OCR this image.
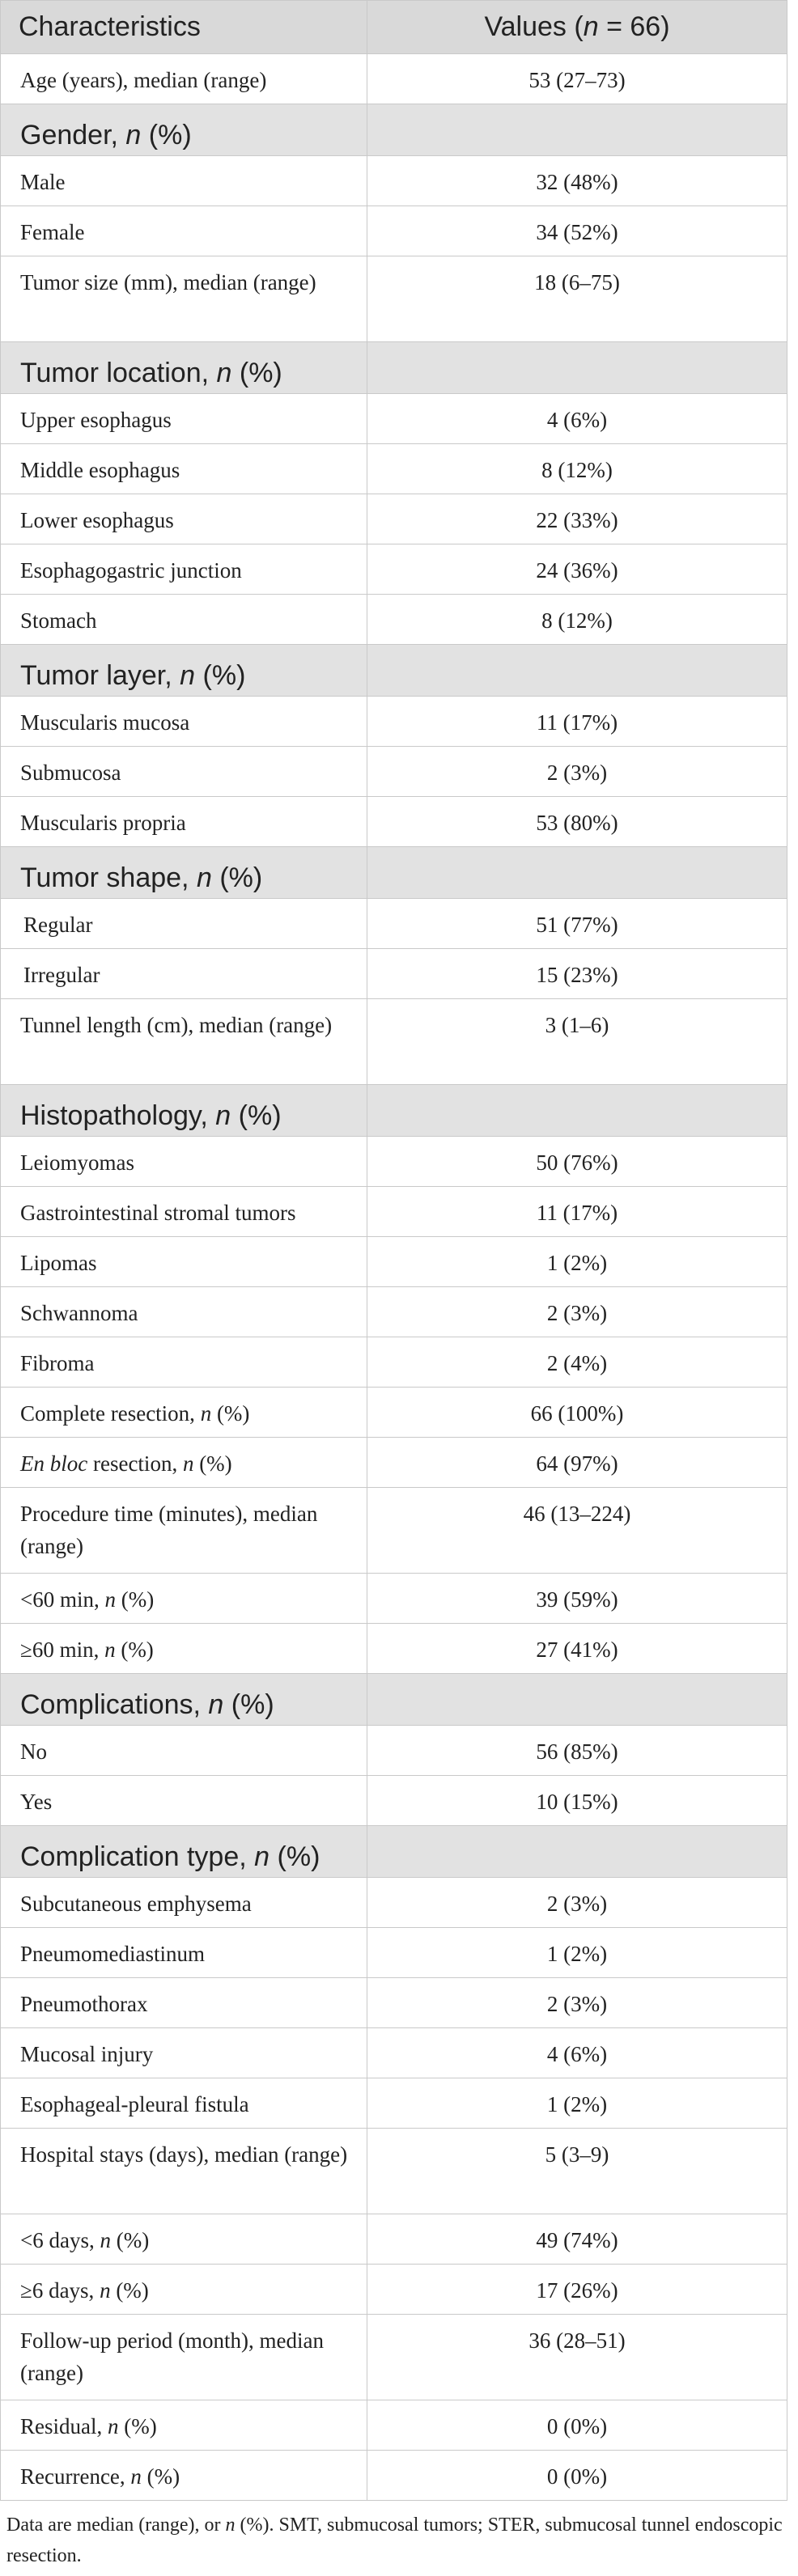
Characteristics	Values (n = 66)
Age (years), median (range)	53 (27–73)
Gender, n (%)	
Male	32 (48%)
Female	34 (52%)
Tumor size (mm), median (range)	18 (6–75)
Tumor location, n (%)	
Upper esophagus	4 (6%)
Middle esophagus	8 (12%)
Lower esophagus	22 (33%)
Esophagogastric junction	24 (36%)
Stomach	8 (12%)
Tumor layer, n (%)	
Muscularis mucosa	11 (17%)
Submucosa	2 (3%)
Muscularis propria	53 (80%)
Tumor shape, n (%)	
Regular	51 (77%)
Irregular	15 (23%)
Tunnel length (cm), median (range)	3 (1–6)
Histopathology, n (%)	
Leiomyomas	50 (76%)
Gastrointestinal stromal tumors	11 (17%)
Lipomas	1 (2%)
Schwannoma	2 (3%)
Fibroma	2 (4%)
Complete resection, n (%)	66 (100%)
En bloc resection, n (%)	64 (97%)
Procedure time (minutes), median (range)	46 (13–224)
<60 min, n (%)	39 (59%)
≥60 min, n (%)	27 (41%)
Complications, n (%)	
No	56 (85%)
Yes	10 (15%)
Complication type, n (%)	
Subcutaneous emphysema	2 (3%)
Pneumomediastinum	1 (2%)
Pneumothorax	2 (3%)
Mucosal injury	4 (6%)
Esophageal-pleural fistula	1 (2%)
Hospital stays (days), median (range)	5 (3–9)
<6 days, n (%)	49 (74%)
≥6 days, n (%)	17 (26%)
Follow-up period (month), median (range)	36 (28–51)
Residual, n (%)	0 (0%)
Recurrence, n (%)	0 (0%)
Data are median (range), or n (%). SMT, submucosal tumors; STER, submucosal tunnel endoscopic resection.
